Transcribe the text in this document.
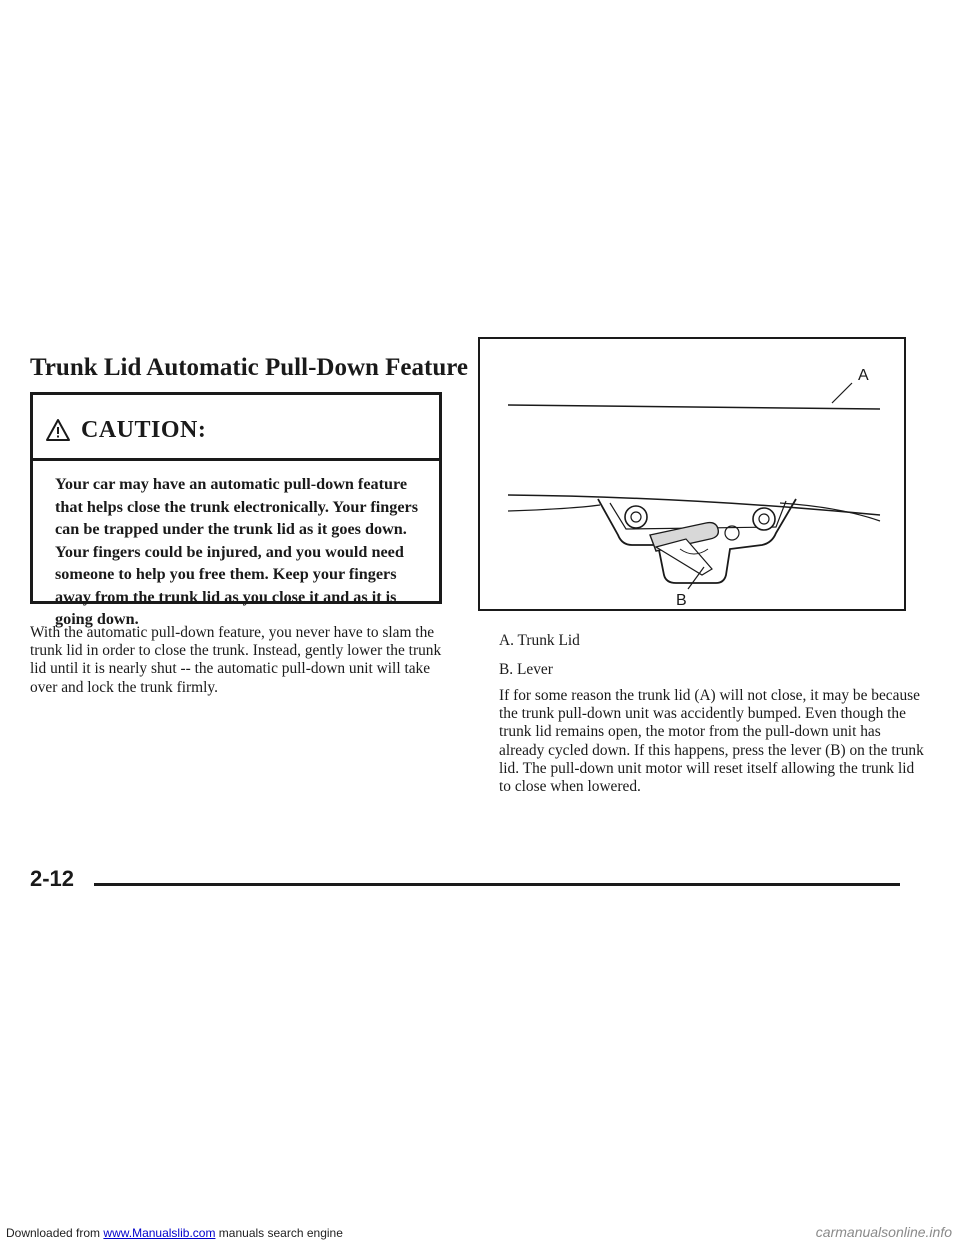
Trunk Lid Automatic Pull-Down Feature
CAUTION:

Your car may have an automatic pull-down feature that helps close the trunk electronically. Your fingers can be trapped under the trunk lid as it goes down. Your fingers could be injured, and you would need someone to help you free them. Keep your fingers away from the trunk lid as you close it and as it is going down.

With the automatic pull-down feature, you never have to slam the trunk lid in order to close the trunk. Instead, gently lower the trunk lid until it is nearly shut -- the automatic pull-down unit will take over and lock the trunk firmly.

A
B

A. Trunk Lid

B. Lever

If for some reason the trunk lid (A) will not close, it may be because the trunk pull-down unit was accidently bumped. Even though the trunk lid remains open, the motor from the pull-down unit has already cycled down. If this happens, press the lever (B) on the trunk lid. The pull-down unit motor will reset itself allowing the trunk lid to close when lowered.

2-12

Downloaded from www.Manualslib.com manuals search engine	carmanualsonline.info
